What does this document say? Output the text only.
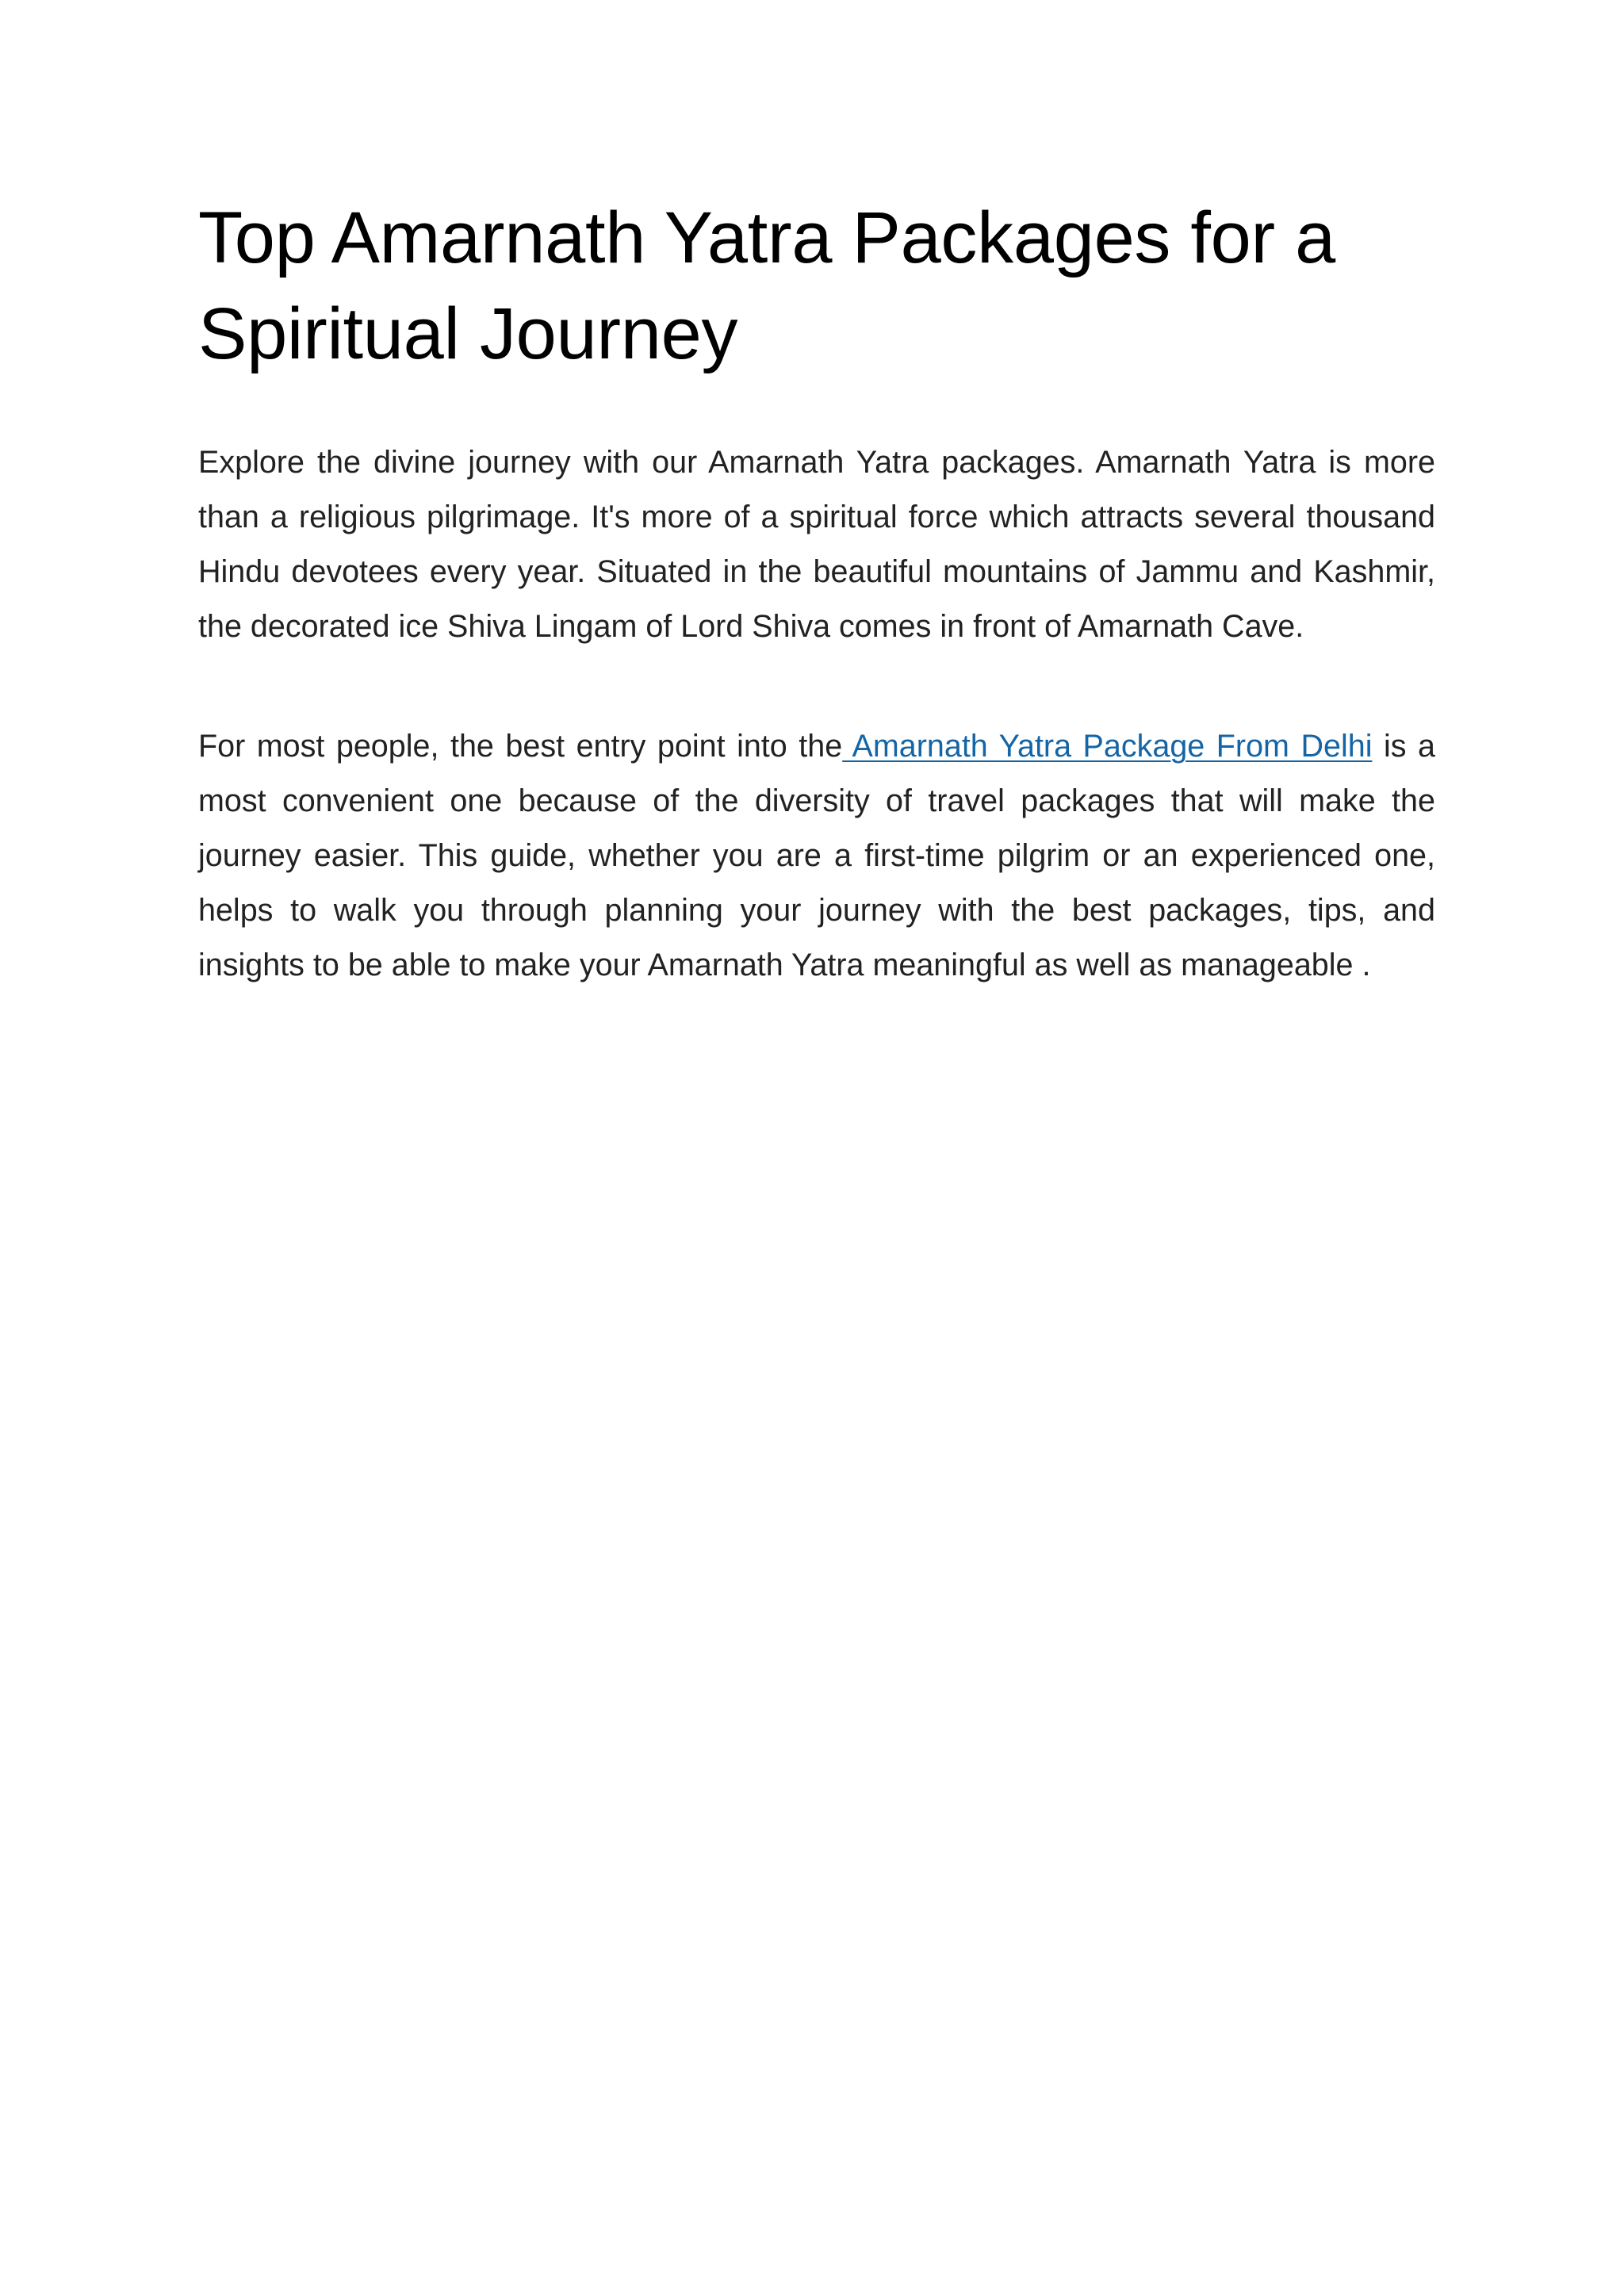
Top Amarnath Yatra Packages for a Spiritual Journey

Explore the divine journey with our Amarnath Yatra packages. Amarnath Yatra is more than a religious pilgrimage. It's more of a spiritual force which attracts several thousand Hindu devotees every year. Situated in the beautiful mountains of Jammu and Kashmir, the decorated ice Shiva Lingam of Lord Shiva comes in front of Amarnath Cave.

For most people, the best entry point into the Amarnath Yatra Package From Delhi is a most convenient one because of the diversity of travel packages that will make the journey easier. This guide, whether you are a first-time pilgrim or an experienced one, helps to walk you through planning your journey with the best packages, tips, and insights to be able to make your Amarnath Yatra meaningful as well as manageable .
